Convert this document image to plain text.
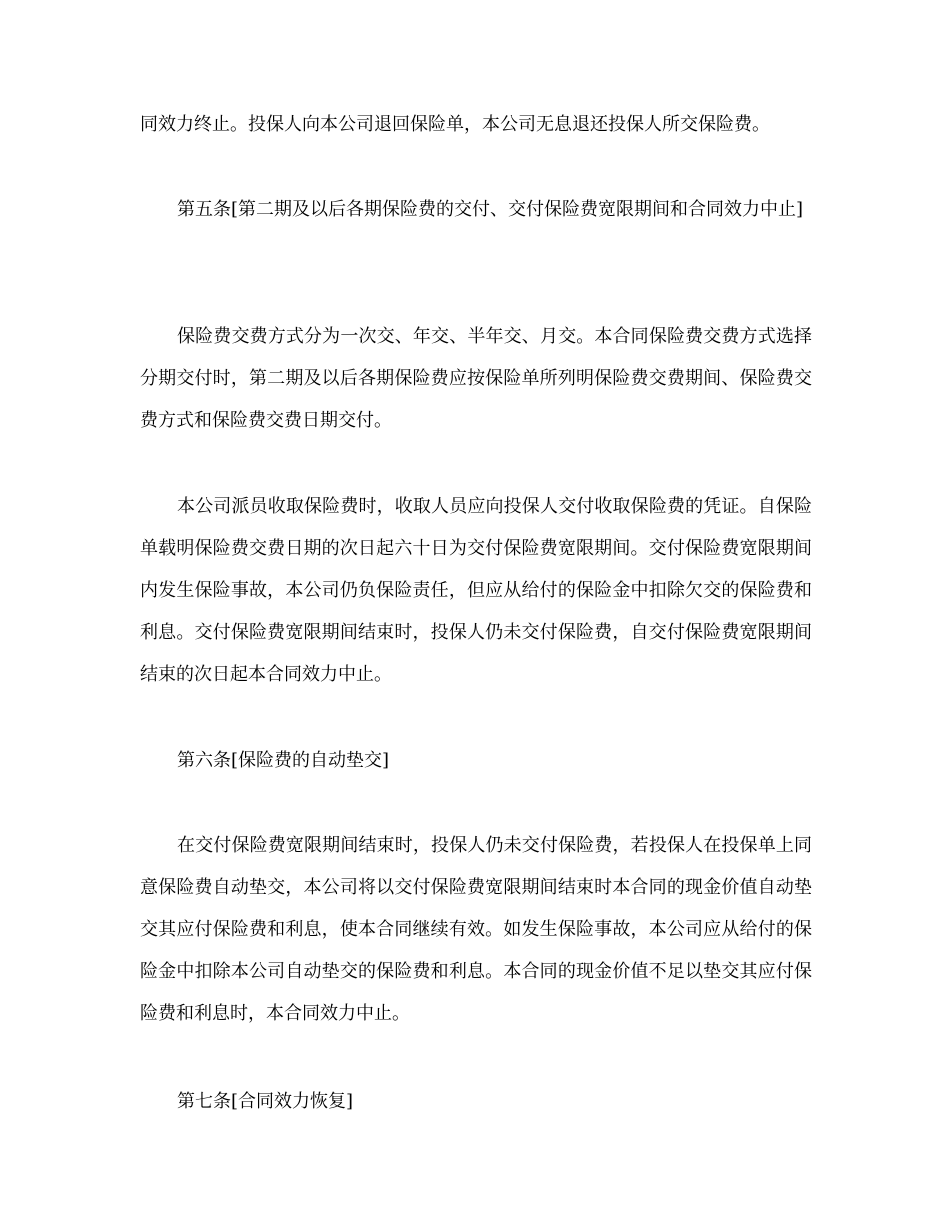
同效力终止。投保人向本公司退回保险单，本公司无息退还投保人所交保险费。

第五条[第二期及以后各期保险费的交付、交付保险费宽限期间和合同效力中止]

保险费交费方式分为一次交、年交、半年交、月交。本合同保险费交费方式选择分期交付时，第二期及以后各期保险费应按保险单所列明保险费交费期间、保险费交费方式和保险费交费日期交付。

本公司派员收取保险费时，收取人员应向投保人交付收取保险费的凭证。自保险单载明保险费交费日期的次日起六十日为交付保险费宽限期间。交付保险费宽限期间内发生保险事故，本公司仍负保险责任，但应从给付的保险金中扣除欠交的保险费和利息。交付保险费宽限期间结束时，投保人仍未交付保险费，自交付保险费宽限期间结束的次日起本合同效力中止。

第六条[保险费的自动垫交]

在交付保险费宽限期间结束时，投保人仍未交付保险费，若投保人在投保单上同意保险费自动垫交，本公司将以交付保险费宽限期间结束时本合同的现金价值自动垫交其应付保险费和利息，使本合同继续有效。如发生保险事故，本公司应从给付的保险金中扣除本公司自动垫交的保险费和利息。本合同的现金价值不足以垫交其应付保险费和利息时，本合同效力中止。

第七条[合同效力恢复]
